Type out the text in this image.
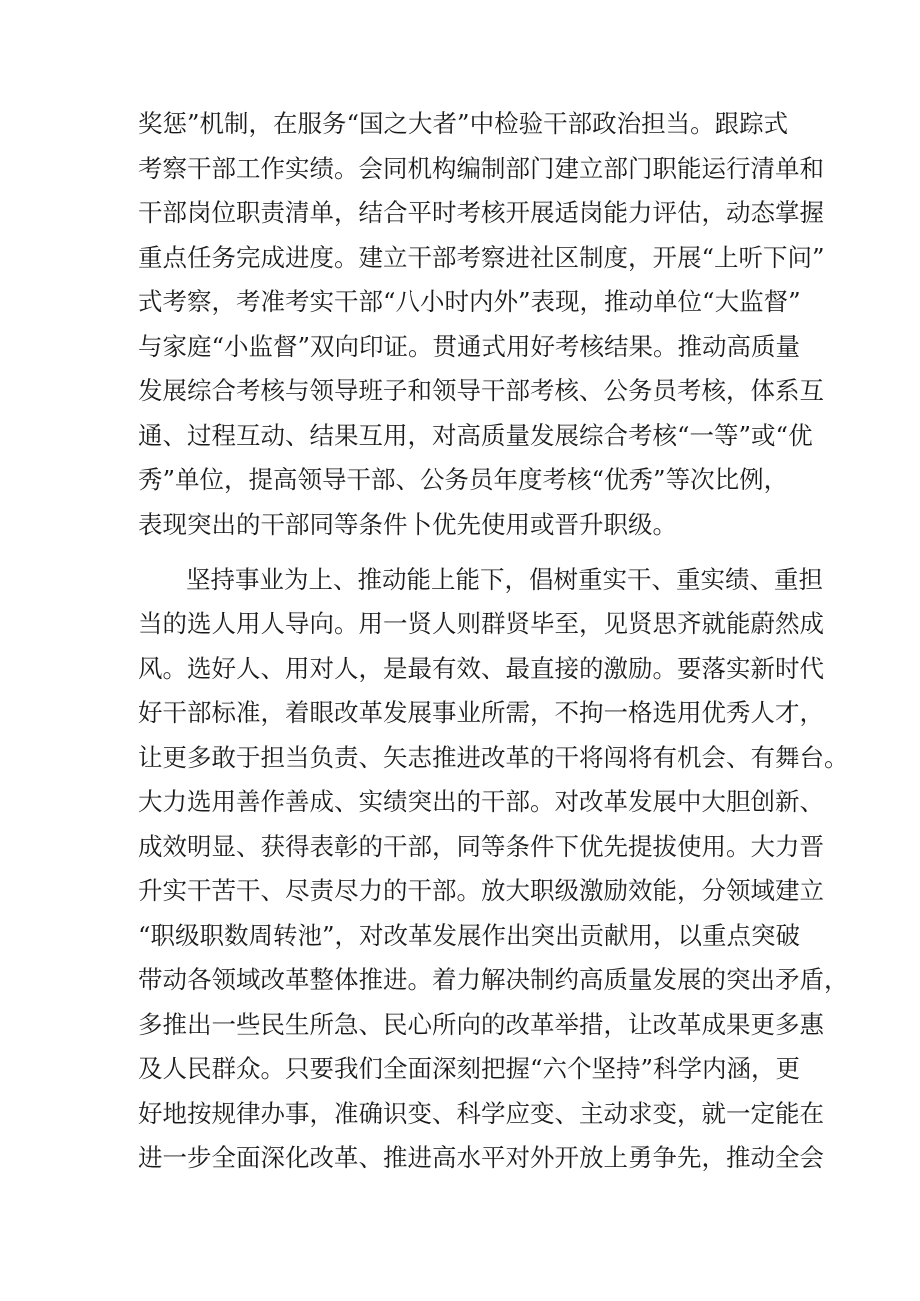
奖惩”机制，在服务“国之大者”中检验干部政治担当。跟踪式
考察干部工作实绩。会同机构编制部门建立部门职能运行清单和
干部岗位职责清单，结合平时考核开展适岗能力评估，动态掌握
重点任务完成进度。建立干部考察进社区制度，开展“上听下问”
式考察，考准考实干部“八小时内外”表现，推动单位“大监督”
与家庭“小监督”双向印证。贯通式用好考核结果。推动高质量
发展综合考核与领导班子和领导干部考核、公务员考核，体系互
通、过程互动、结果互用，对高质量发展综合考核“一等”或“优
秀”单位，提高领导干部、公务员年度考核“优秀”等次比例，
表现突出的干部同等条件卜优先使用或晋升职级。
坚持事业为上、推动能上能下，倡树重实干、重实绩、重担
当的选人用人导向。用一贤人则群贤毕至，见贤思齐就能蔚然成
风。选好人、用对人，是最有效、最直接的激励。要落实新时代
好干部标准，着眼改革发展事业所需，不拘一格选用优秀人才，
让更多敢于担当负责、矢志推进改革的干将闯将有机会、有舞台。
大力选用善作善成、实绩突出的干部。对改革发展中大胆创新、
成效明显、获得表彰的干部，同等条件下优先提拔使用。大力晋
升实干苦干、尽责尽力的干部。放大职级激励效能，分领域建立
“职级职数周转池”，对改革发展作出突出贡献用，以重点突破
带动各领域改革整体推进。着力解决制约高质量发展的突出矛盾，
多推出一些民生所急、民心所向的改革举措，让改革成果更多惠
及人民群众。只要我们全面深刻把握“六个坚持”科学内涵，更
好地按规律办事，准确识变、科学应变、主动求变，就一定能在
进一步全面深化改革、推进高水平对外开放上勇争先，推动全会
